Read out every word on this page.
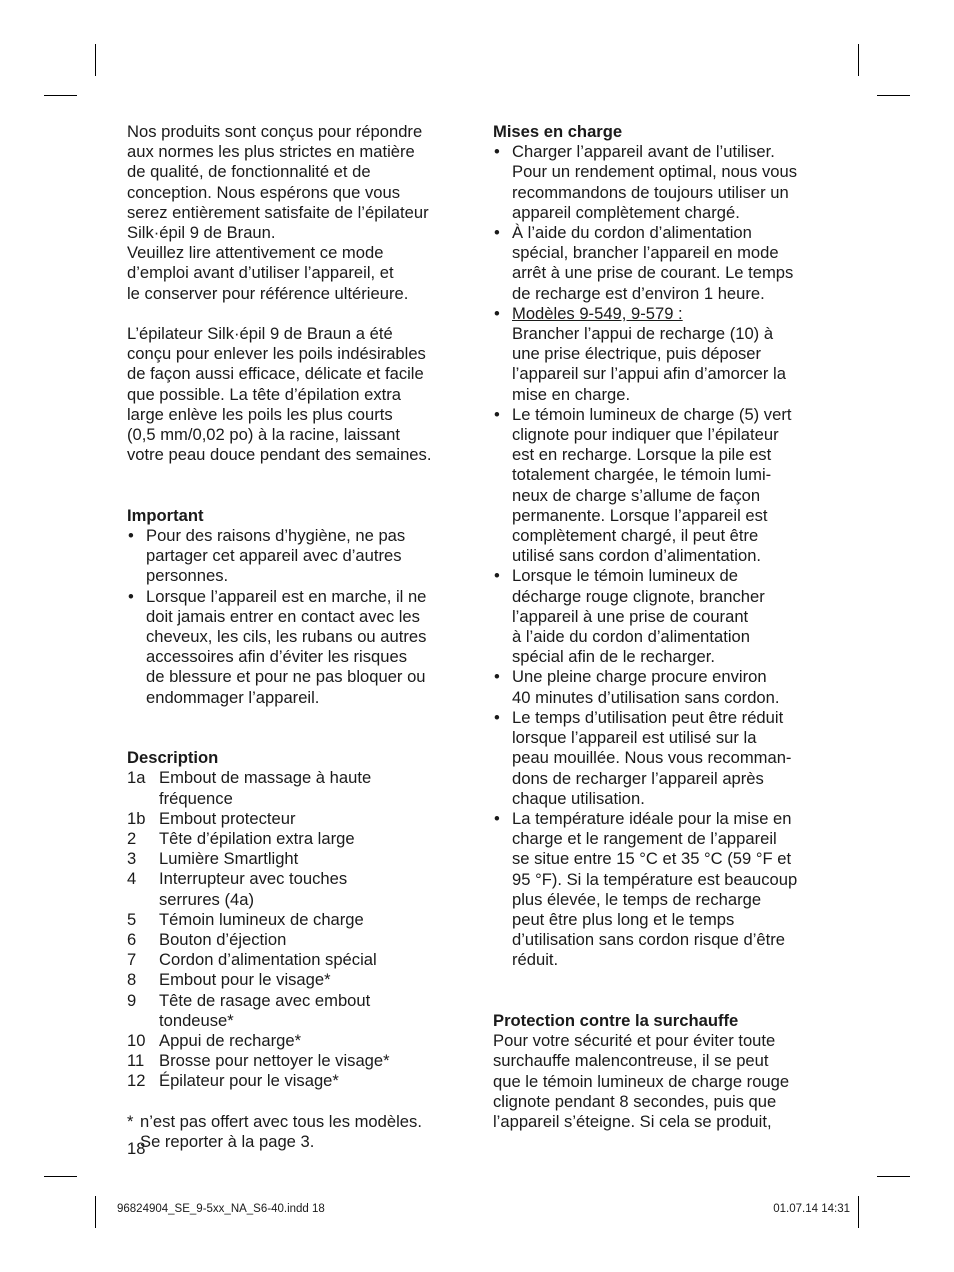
Nos produits sont conçus pour répondre
aux normes les plus strictes en matière
de qualité, de fonctionnalité et de
conception. Nous espérons que vous
serez entièrement satisfaite de l’épilateur
Silk·épil 9 de Braun.
Veuillez lire attentivement ce mode
d’emploi avant d’utiliser l’appareil, et
le conserver pour référence ultérieure.
L’épilateur Silk·épil 9 de Braun a été
conçu pour enlever les poils indésirables
de façon aussi efficace, délicate et facile
que possible. La tête d’épilation extra
large enlève les poils les plus courts
(0,5 mm/0,02 po) à la racine, laissant
votre peau douce pendant des semaines.
Important
• Pour des raisons d’hygiène, ne pas
partager cet appareil avec d’autres
personnes.
• Lorsque l’appareil est en marche, il ne
doit jamais entrer en contact avec les
cheveux, les cils, les rubans ou autres
accessoires afin d’éviter les risques
de blessure et pour ne pas bloquer ou
endommager l’appareil.
Description
1a Embout de massage à haute
fréquence
1b Embout protecteur
2	Tête d’épilation extra large
3	Lumière Smartlight
4	Interrupteur avec touches
serrures (4a)
5	Témoin lumineux de charge
6	Bouton d’éjection
7	Cordon d’alimentation spécial
8	Embout pour le visage*
9	Tête de rasage avec embout
tondeuse*
10 Appui de recharge*
11 Brosse pour nettoyer le visage*
12 Épilateur pour le visage*
* n’est pas offert avec tous les modèles.
Se reporter à la page 3.
Mises en charge
• Charger l’appareil avant de l’utiliser.
Pour un rendement optimal, nous vous
recommandons de toujours utiliser un
appareil complètement chargé.
• À l’aide du cordon d’alimentation
spécial, brancher l’appareil en mode
arrêt à une prise de courant. Le temps
de recharge est d’environ 1 heure.
• Modèles 9-549, 9-579 :
Brancher l’appui de recharge (10) à
une prise électrique, puis déposer
l’appareil sur l’appui afin d’amorcer la
mise en charge.
• Le témoin lumineux de charge (5) vert
clignote pour indiquer que l’épilateur
est en recharge. Lorsque la pile est
totalement chargée, le témoin lumi-
neux de charge s’allume de façon
permanente. Lorsque l’appareil est
complètement chargé, il peut être
utilisé sans cordon d’alimentation.
• Lorsque le témoin lumineux de
décharge rouge clignote, brancher
l’appareil à une prise de courant
à l’aide du cordon d’alimentation
spécial afin de le recharger.
• Une pleine charge procure environ
40 minutes d’utilisation sans cordon.
• Le temps d’utilisation peut être réduit
lorsque l’appareil est utilisé sur la
peau mouillée. Nous vous recomman-
dons de recharger l’appareil après
chaque utilisation.
• La température idéale pour la mise en
charge et le rangement de l’appareil
se situe entre 15 °C et 35 °C (59 °F et
95 °F). Si la température est beaucoup
plus élevée, le temps de recharge
peut être plus long et le temps
d’utilisation sans cordon risque d’être
réduit.
Protection contre la surchauffe
Pour votre sécurité et pour éviter toute
surchauffe malencontreuse, il se peut
que le témoin lumineux de charge rouge
clignote pendant 8 secondes, puis que
l’appareil s’éteigne. Si cela se produit,
18
96824904_SE_9-5xx_NA_S6-40.indd 18	01.07.14 14:31
